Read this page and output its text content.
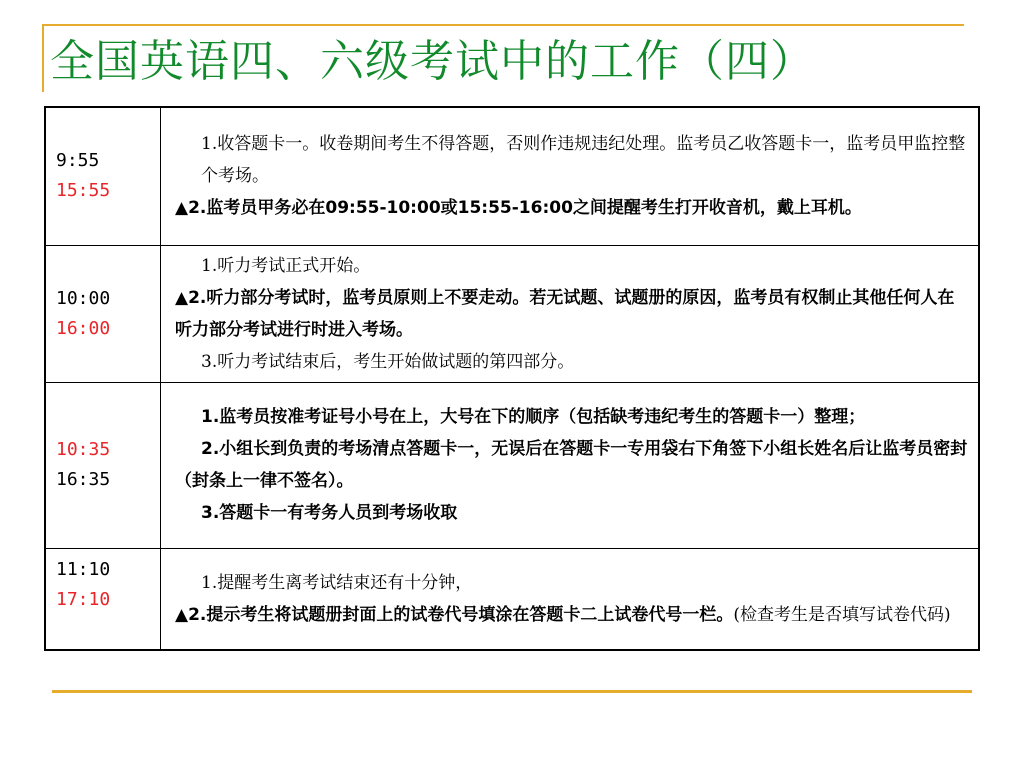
全国英语四、六级考试中的工作（四）
9:55
15:55	1.收答题卡一。收卷期间考生不得答题，否则作违规违纪处理。监考员乙收答题卡一，监考员甲监控整个考场。
▲2.监考员甲务必在09:55-10:00或15:55-16:00之间提醒考生打开收音机，戴上耳机。

10:00
16:00	1.听力考试正式开始。
▲2.听力部分考试时，监考员原则上不要走动。若无试题、试题册的原因，监考员有权制止其他任何人在听力部分考试进行时进入考场。
3.听力考试结束后，考生开始做试题的第四部分。

10:35
16:35	1.监考员按准考证号小号在上，大号在下的顺序（包括缺考违纪考生的答题卡一）整理；
2.小组长到负责的考场清点答题卡一，无误后在答题卡一专用袋右下角签下小组长姓名后让监考员密封（封条上一律不签名）。
3.答题卡一有考务人员到考场收取

11:10
17:10	1.提醒考生离考试结束还有十分钟，
▲2.提示考生将试题册封面上的试卷代号填涂在答题卡二上试卷代号一栏。(检查考生是否填写试卷代码)
